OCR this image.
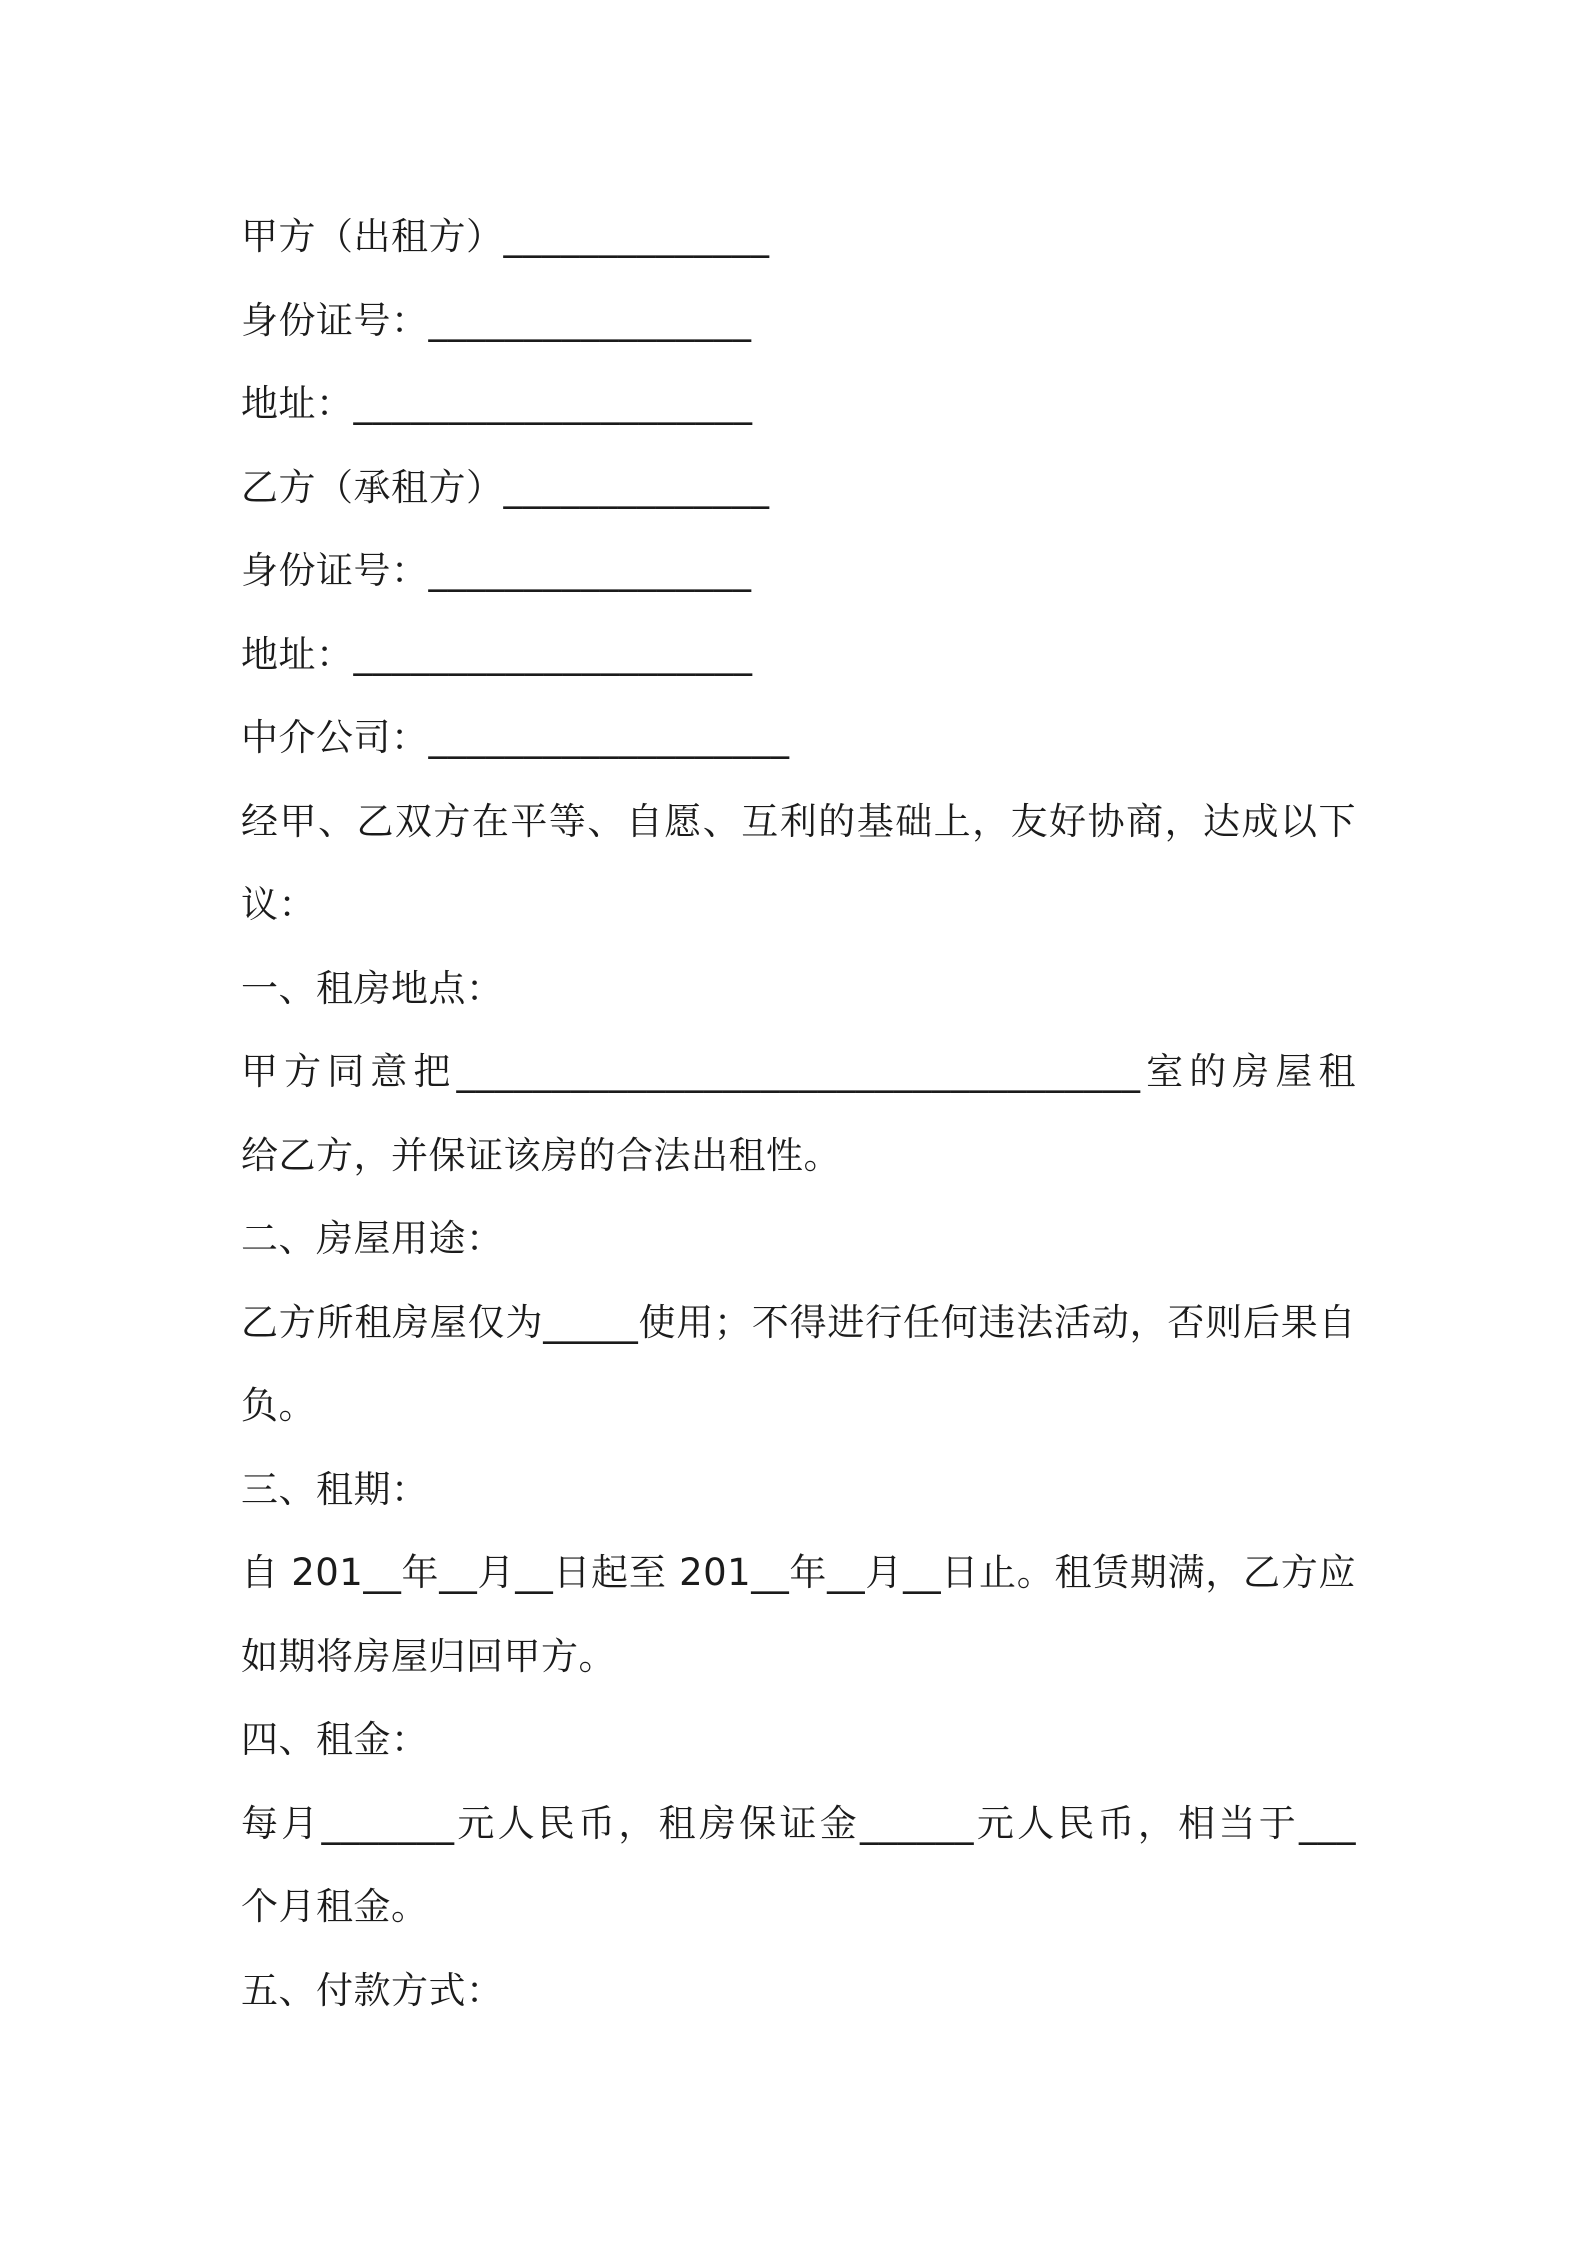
甲方（出租方）______________
身份证号：_________________
地址：_____________________
乙方（承租方）______________
身份证号：_________________
地址：_____________________
中介公司：___________________
经甲、乙双方在平等、自愿、互利的基础上，友好协商，达成以下
议：
一、租房地点：
甲方同意把____________________________________室的房屋租
给乙方，并保证该房的合法出租性。
二、房屋用途：
乙方所租房屋仅为_____使用；不得进行任何违法活动，否则后果自
负。
三、租期：
自 201__年__月__日起至 201__年__月__日止。租赁期满，乙方应
如期将房屋归回甲方。
四、租金：
每月_______元人民币，租房保证金______元人民币，相当于___
个月租金。
五、付款方式：
